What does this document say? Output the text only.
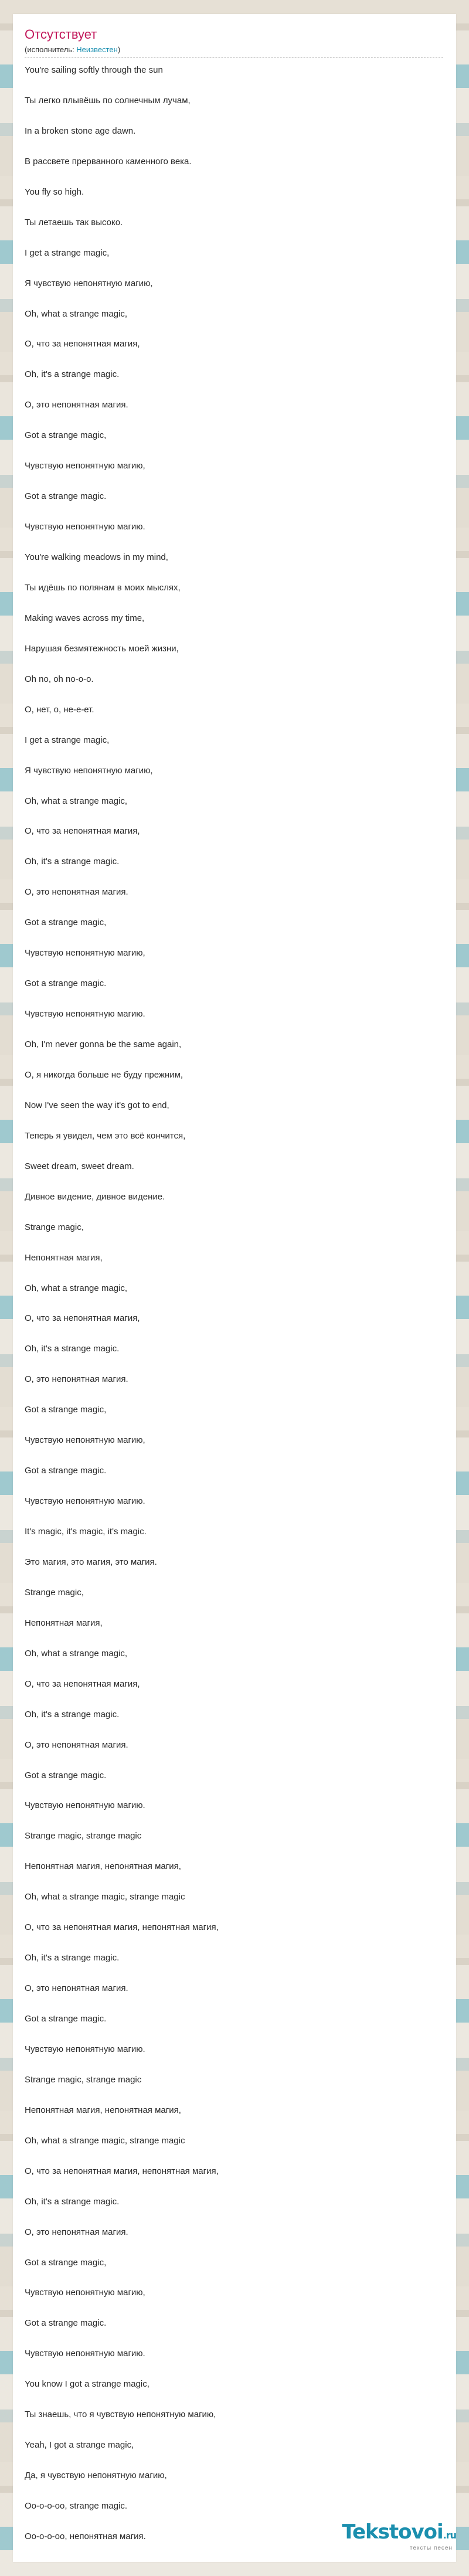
Отсутствует
(исполнитель: Неизвестен)
You're sailing softly through the sun
Ты легко плывёшь по солнечным лучам,
In a broken stone age dawn.
В рассвете прерванного каменного века.
You fly so high.
Ты летаешь так высоко.
I get a strange magic,
Я чувствую непонятную магию,
Oh, what a strange magic,
О, что за непонятная магия,
Oh, it's a strange magic.
О, это непонятная магия.
Got a strange magic,
Чувствую непонятную магию,
Got a strange magic.
Чувствую непонятную магию.
You're walking meadows in my mind,
Ты идёшь по полянам в моих мыслях,
Making waves across my time,
Нарушая безмятежность моей жизни,
Oh no, oh no-o-o.
О, нет, о, не-е-ет.
I get a strange magic,
Я чувствую непонятную магию,
Oh, what a strange magic,
О, что за непонятная магия,
Oh, it's a strange magic.
О, это непонятная магия.
Got a strange magic,
Чувствую непонятную магию,
Got a strange magic.
Чувствую непонятную магию.
Oh, I'm never gonna be the same again,
О, я никогда больше не буду прежним,
Now I've seen the way it's got to end,
Теперь я увидел, чем это всё кончится,
Sweet dream, sweet dream.
Дивное видение, дивное видение.
Strange magic,
Непонятная магия,
Oh, what a strange magic,
О, что за непонятная магия,
Oh, it's a strange magic.
О, это непонятная магия.
Got a strange magic,
Чувствую непонятную магию,
Got a strange magic.
Чувствую непонятную магию.
It's magic, it's magic, it's magic.
Это магия, это магия, это магия.
Strange magic,
Непонятная магия,
Oh, what a strange magic,
О, что за непонятная магия,
Oh, it's a strange magic.
О, это непонятная магия.
Got a strange magic.
Чувствую непонятную магию.
Strange magic, strange magic
Непонятная магия, непонятная магия,
Oh, what a strange magic, strange magic
О, что за непонятная магия, непонятная магия,
Oh, it's a strange magic.
О, это непонятная магия.
Got a strange magic.
Чувствую непонятную магию.
Strange magic, strange magic
Непонятная магия, непонятная магия,
Oh, what a strange magic, strange magic
О, что за непонятная магия, непонятная магия,
Oh, it's a strange magic.
О, это непонятная магия.
Got a strange magic,
Чувствую непонятную магию,
Got a strange magic.
Чувствую непонятную магию.
You know I got a strange magic,
Ты знаешь, что я чувствую непонятную магию,
Yeah, I got a strange magic,
Да, я чувствую непонятную магию,
Oo-o-o-oo, strange magic.
Оо-о-о-оо, непонятная магия.	Tekstovoi.ru
тексты песен
